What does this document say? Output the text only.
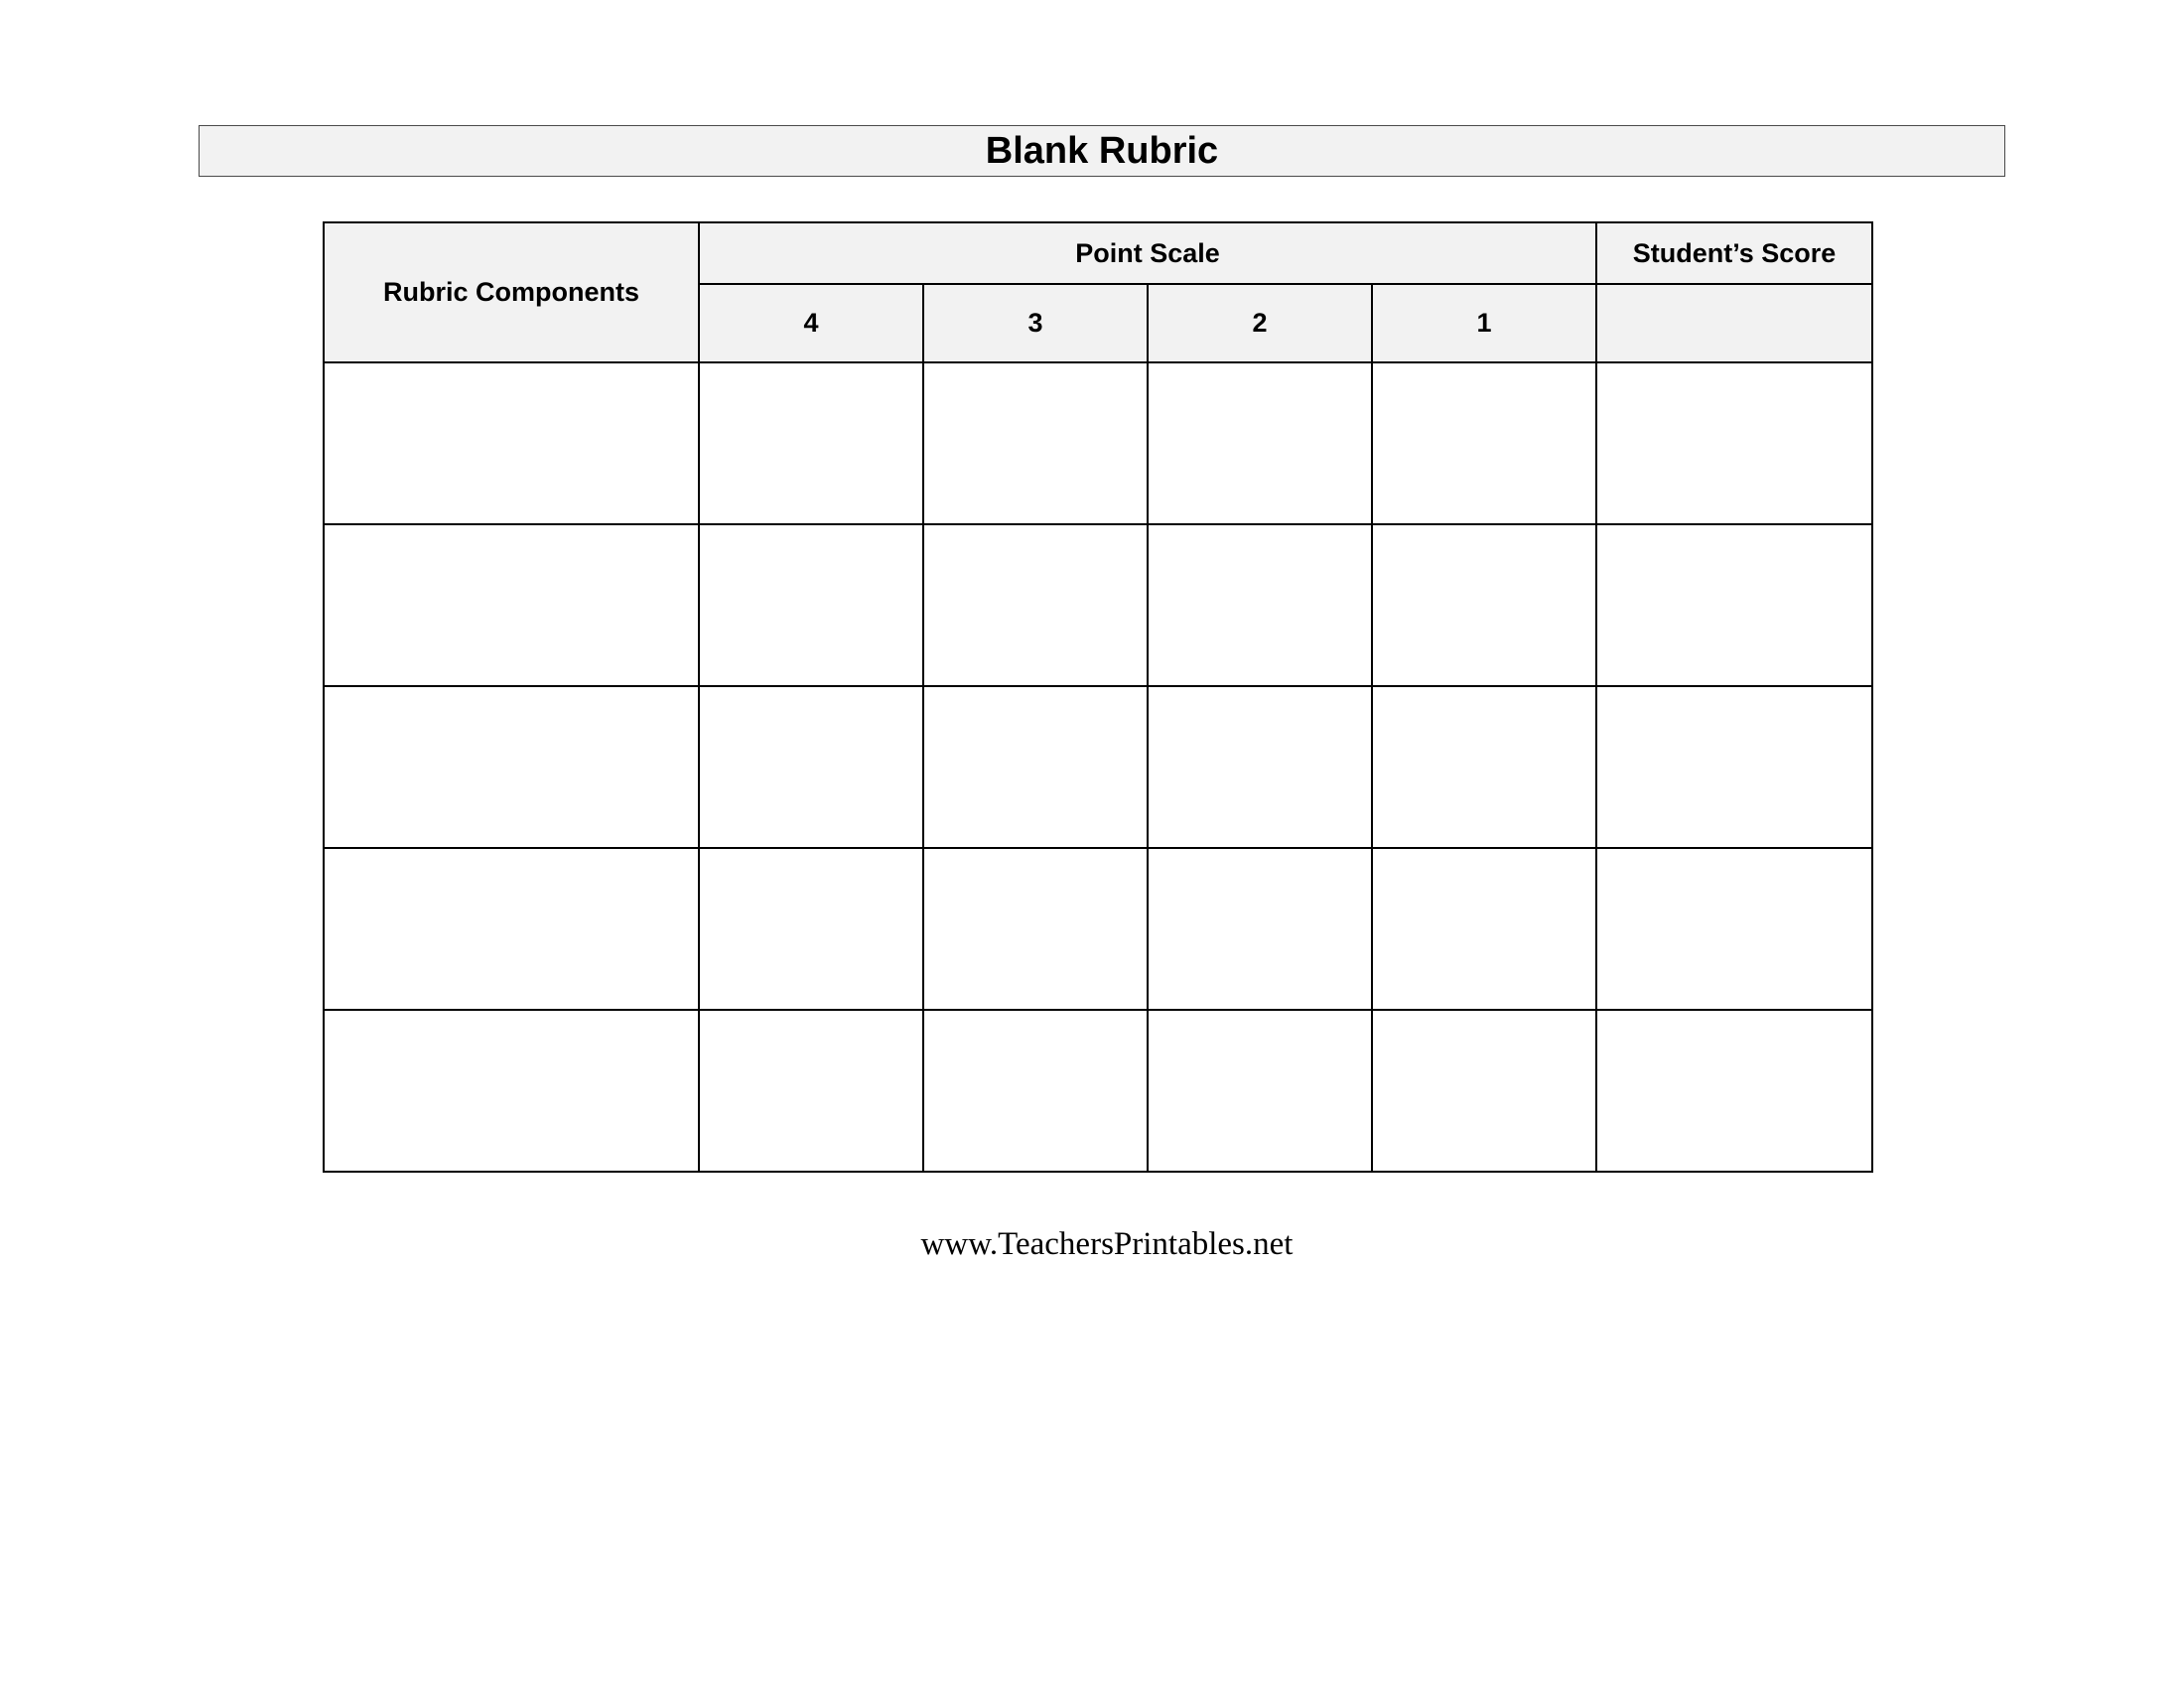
Blank Rubric
Rubric Components	Point Scale				Student’s Score
	4	3	2	1	

www.TeachersPrintables.net
